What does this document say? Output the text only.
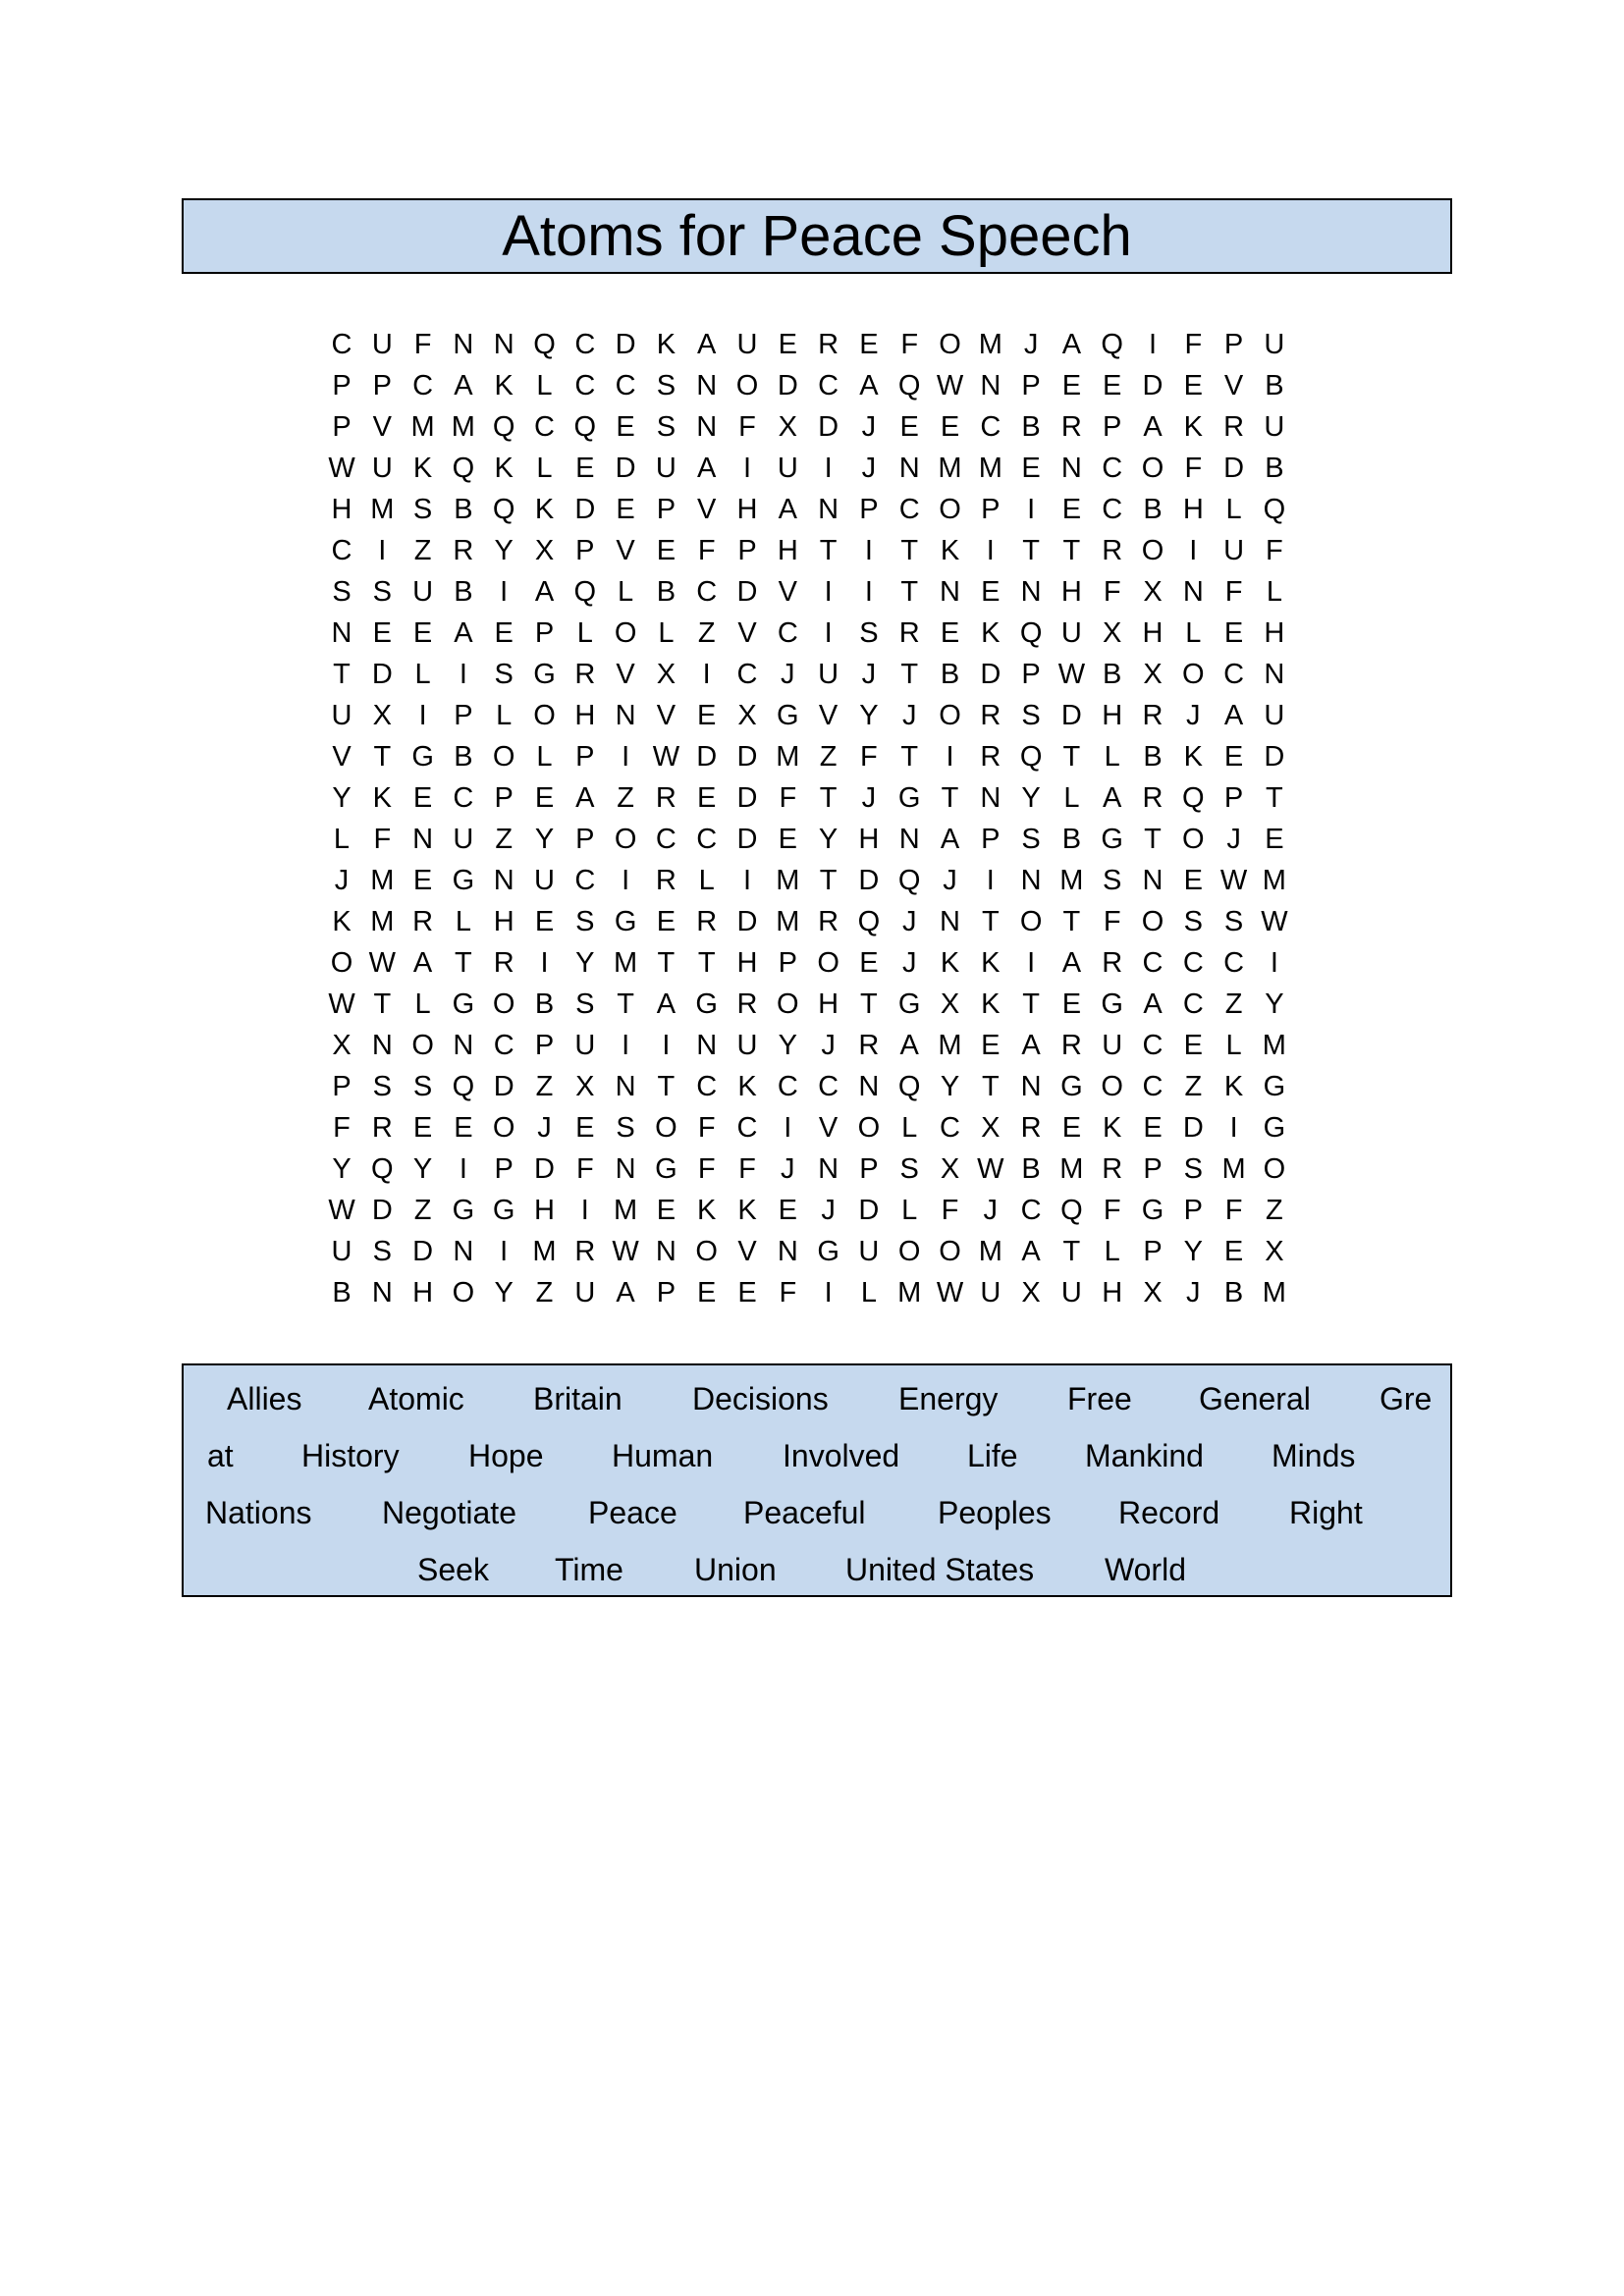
Atoms for Peace Speech
C U F N N Q C D K A U E R E F O M J A Q I F P U
P P C A K L C C S N O D C A Q W N P E E D E V B
P V M M Q C Q E S N F X D J E E C B R P A K R U
W U K Q K L E D U A I U I	J N M M E N C O F D B
H M S B Q K D E P V H A N P C O P I E C B H L Q
C I Z R Y X P V E F P H T I T K I T T R O I U F
S S U B I A Q L B C D V I	I T N E N H F X N F L
N E E A E P L O L Z V C I S R E K Q U X H L E H
T D L	I S G R V X I C J U J T B D P W B X O C N
U X I P L O H N V E X G V Y J O R S D H R J A U
V T G B O L P I W D D M Z F T I R Q T L B K E D
Y K E C P E A Z R E D F T J G T N Y L A R Q P T
L F N U Z Y P O C C D E Y H N A P S B G T O J E
J M E G N U C I R L	I M T D Q J	I N M S N E W M
K M R L H E S G E R D M R Q J N T O T F O S S W
O W A T R I Y M T T H P O E J K K I A R C C C I
W T L G O B S T A G R O H T G X K T E G A C Z Y
X N O N C P U I	I N U Y J R A M E A R U C E L M
P S S Q D Z X N T C K C C N Q Y T N G O C Z K G
F R E E O J E S O F C I V O L C X R E K E D I G
Y Q Y I P D F N G F F J N P S X W B M R P S M O
W D Z G G H I M E K K E J D L F J C Q F G P F Z
U S D N I M R W N O V N G U O O M A T L P Y E X
B N H O Y Z U A P E E F I	L M W U X U H X J B M
Allies Atomic Britain Decisions Energy Free General Gre
at History Hope Human Involved Life Mankind Minds
Nations Negotiate Peace Peaceful Peoples Record Right
Seek Time Union United States World
